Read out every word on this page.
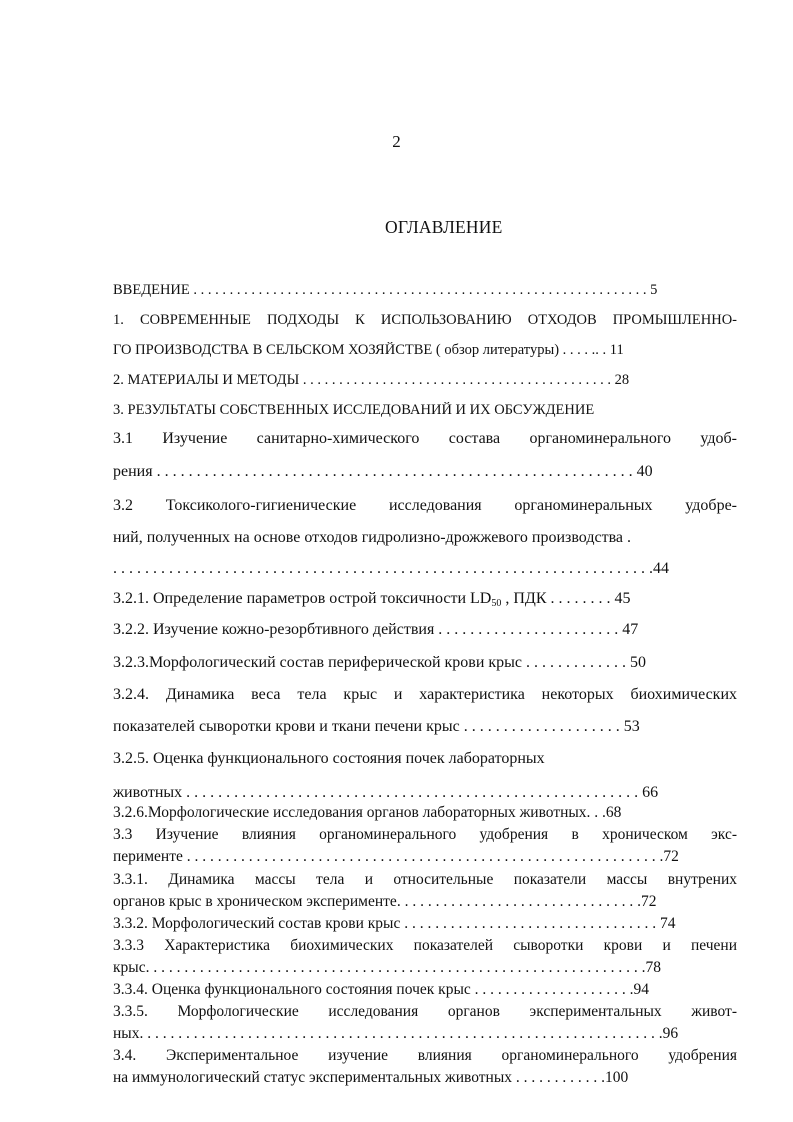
2
ОГЛАВЛЕНИЕ
ВВЕДЕНИЕ . . . . . . . . . . . . . . . . . . . . . . . . . . . . . . . . . . . . . . . . . . . . . . . . . . . . . . . . . . . . . . . 5
1. СОВРЕМЕННЫЕ ПОДХОДЫ К ИСПОЛЬЗОВАНИЮ ОТХОДОВ ПРОМЫШЛЕННО-
ГО ПРОИЗВОДСТВА В СЕЛЬСКОМ ХОЗЯЙСТВЕ ( обзор литературы) . . . . .. . 11
2. МАТЕРИАЛЫ И МЕТОДЫ . . . . . . . . . . . . . . . . . . . . . . . . . . . . . . . . . . . . . . . . . . . 28
3. РЕЗУЛЬТАТЫ СОБСТВЕННЫХ ИССЛЕДОВАНИЙ И ИХ ОБСУЖДЕНИЕ
3.1 Изучение санитарно-химического состава органоминерального удоб-
рения . . . . . . . . . . . . . . . . . . . . . . . . . . . . . . . . . . . . . . . . . . . . . . . . . . . . . . . . . . . . 40
3.2 Токсиколого-гигиенические исследования органоминеральных удобре-
ний, полученных на основе отходов гидролизно-дрожжевого производства .
. . . . . . . . . . . . . . . . . . . . . . . . . . . . . . . . . . . . . . . . . . . . . . . . . . . . . . . . . . . . . . . . . . . .44
3.2.1. Определение параметров острой токсичности $LD_{50}$ , ПДК . . . . . . . . 45
3.2.2. Изучение кожно-резорбтивного действия . . . . . . . . . . . . . . . . . . . . . . . 47
3.2.3.Морфологический состав периферической крови крыс . . . . . . . . . . . . . 50
3.2.4. Динамика веса тела крыс и характеристика некоторых биохимических
показателей сыворотки крови и ткани печени крыс . . . . . . . . . . . . . . . . . . . . 53
3.2.5. Оценка функционального состояния почек лабораторных
животных . . . . . . . . . . . . . . . . . . . . . . . . . . . . . . . . . . . . . . . . . . . . . . . . . . . . . . . . . 66
3.2.6.Морфологические исследования органов лабораторных животных. . .68
3.3 Изучение влияния органоминерального удобрения в хроническом экс-
перименте . . . . . . . . . . . . . . . . . . . . . . . . . . . . . . . . . . . . . . . . . . . . . . . . . . . . . . . . . . . . . .72
3.3.1. Динамика массы тела и относительные показатели массы внутрених
органов крыс в хроническом эксперименте. . . . . . . . . . . . . . . . . . . . . . . . . . . . . . . .72
3.3.2. Морфологический состав крови крыс . . . . . . . . . . . . . . . . . . . . . . . . . . . . . . . . . 74
3.3.3 Характеристика биохимических показателей сыворотки крови и печени
крыс. . . . . . . . . . . . . . . . . . . . . . . . . . . . . . . . . . . . . . . . . . . . . . . . . . . . . . . . . . . . . . . . .78
3.3.4. Оценка функционального состояния почек крыс . . . . . . . . . . . . . . . . . . . . .94
3.3.5. Морфологические исследования органов экспериментальных живот-
ных. . . . . . . . . . . . . . . . . . . . . . . . . . . . . . . . . . . . . . . . . . . . . . . . . . . . . . . . . . . . . . . . . . . .96
3.4. Экспериментальное изучение влияния органоминерального удобрения
на иммунологический статус экспериментальных животных . . . . . . . . . . . .100
